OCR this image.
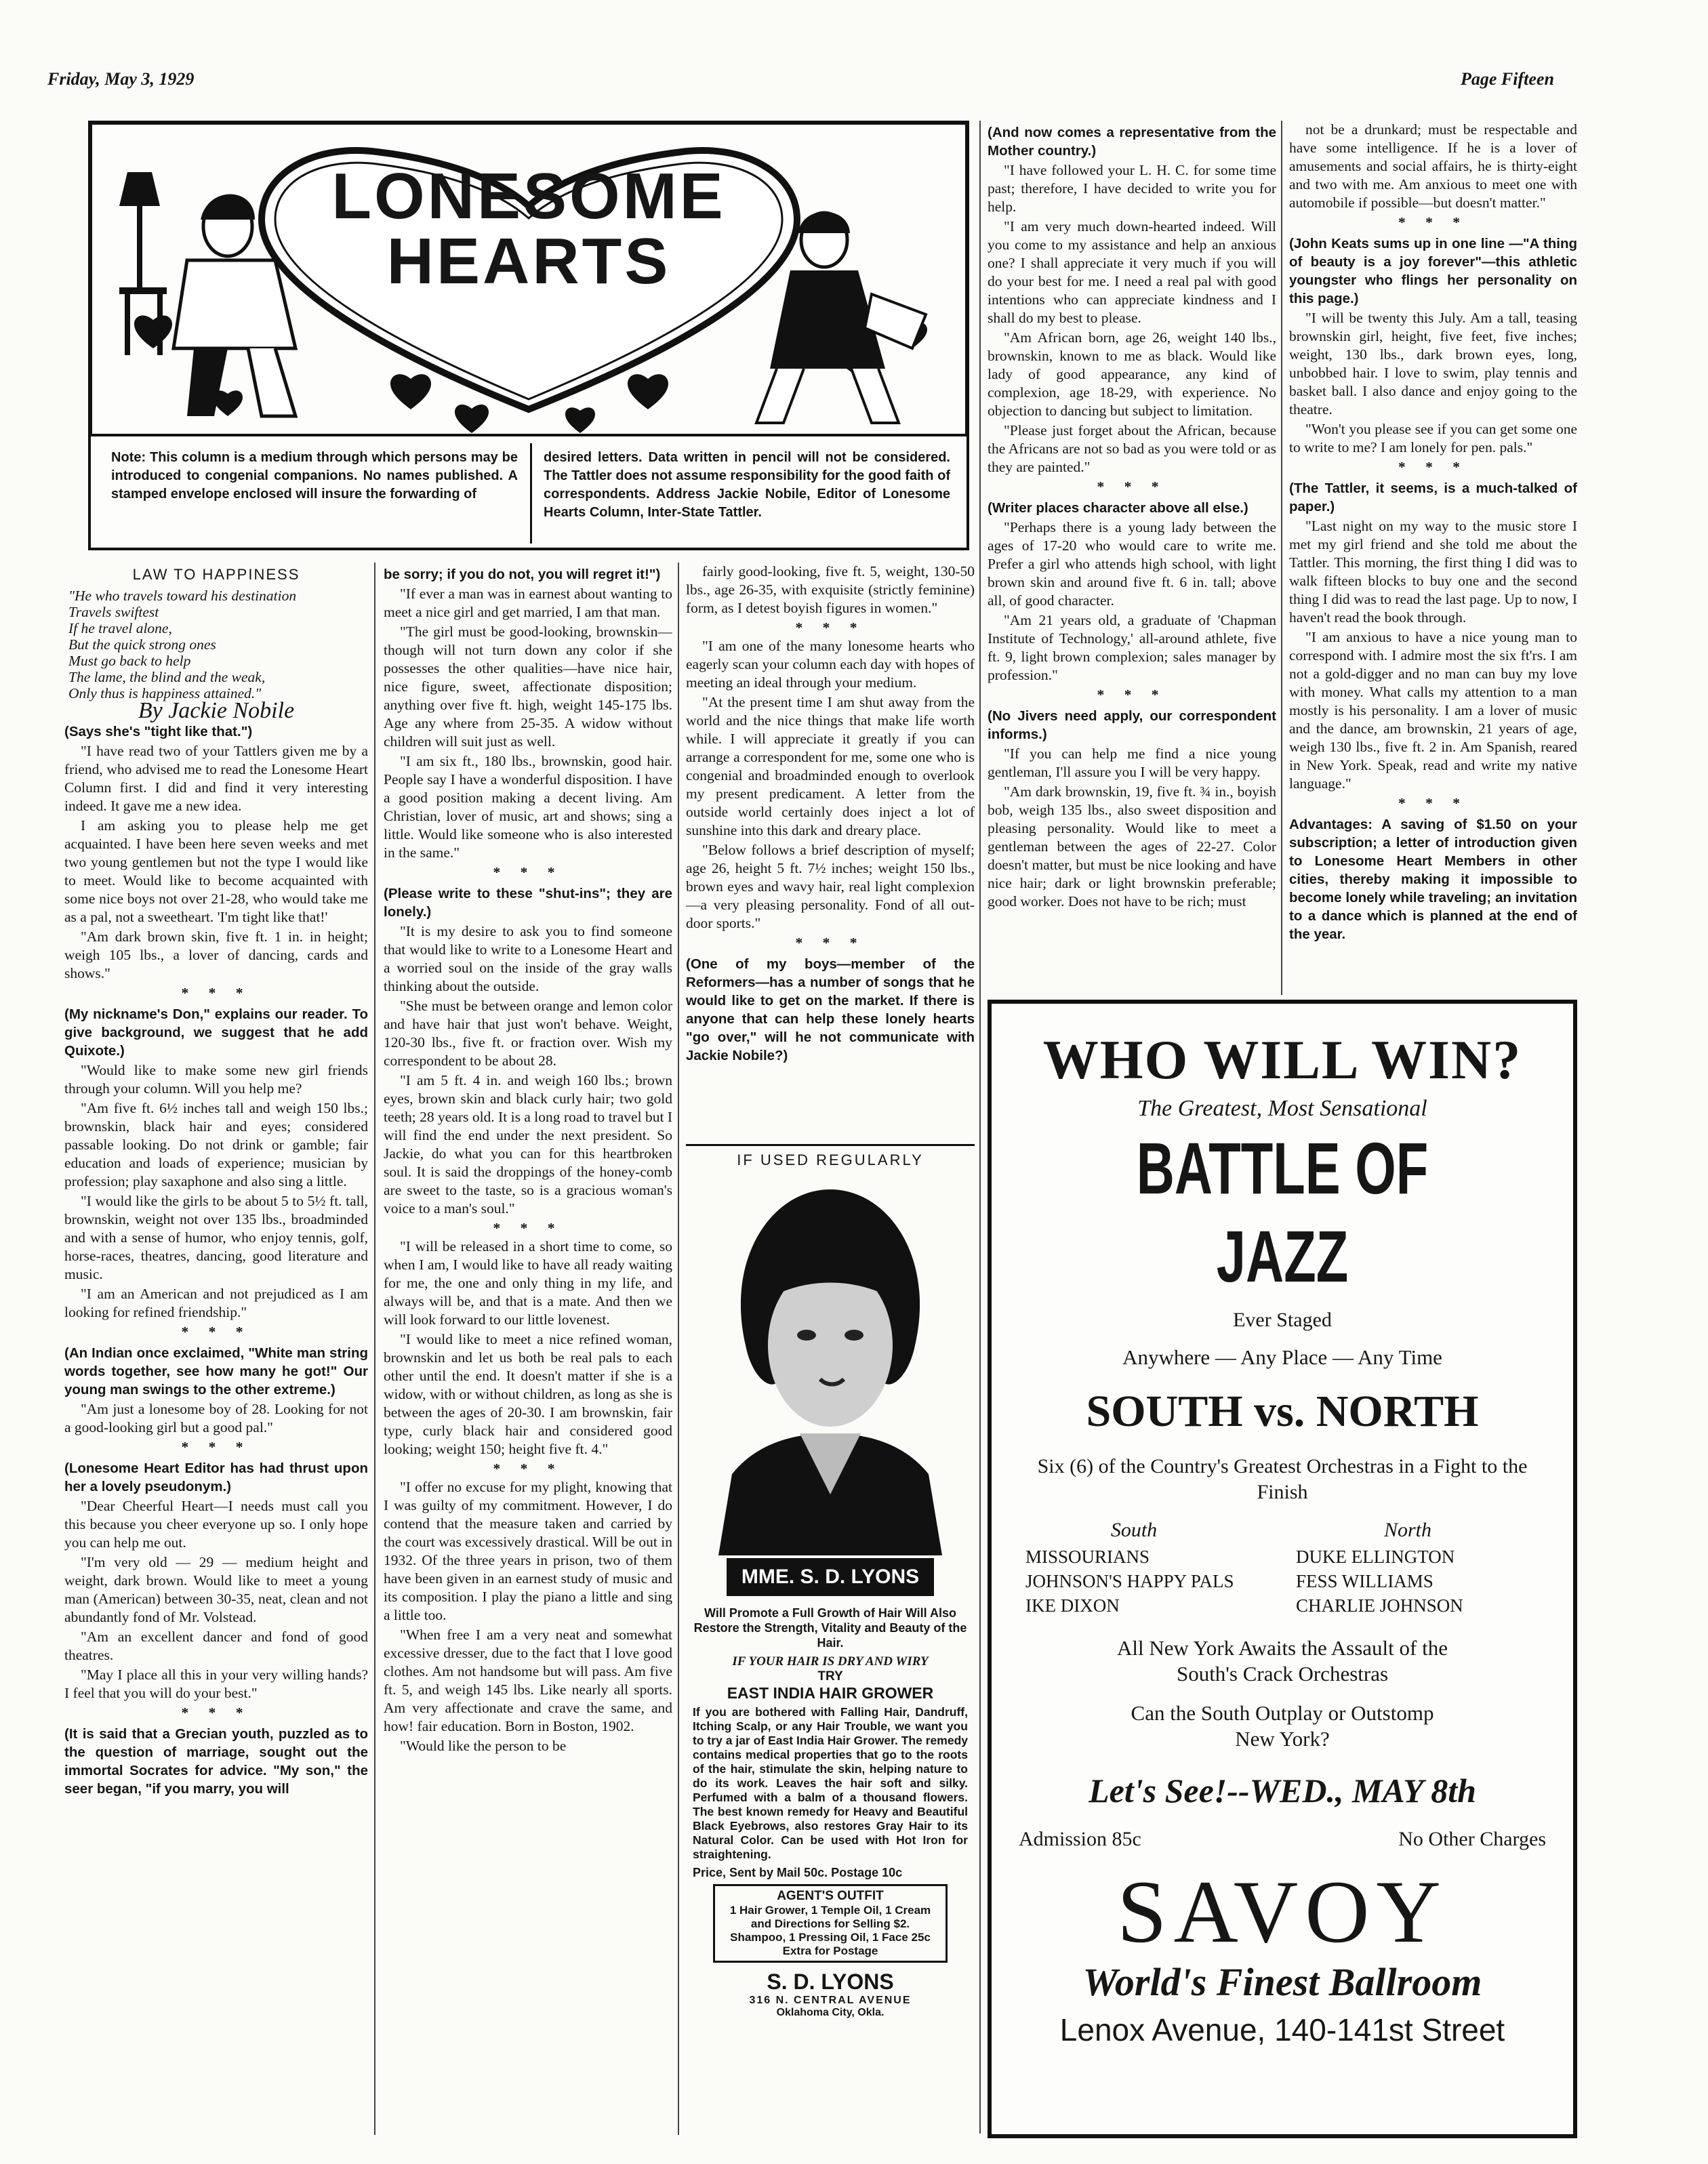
Friday, May 3, 1929	Page Fifteen
LONESOME
HEARTS
Note: This column is a medium through which persons may be introduced to congenial companions. No names published. A stamped envelope enclosed will insure the forwarding of
desired letters. Data written in pencil will not be considered. The Tattler does not assume responsibility for the good faith of correspondents. Address Jackie Nobile, Editor of Lonesome Hearts Column, Inter-State Tattler.
LAW TO HAPPINESS

"He who travels toward his destination

Travels swiftest

If he travel alone,

But the quick strong ones

Must go back to help

The lame, the blind and the weak,

Only thus is happiness attained."

By Jackie Nobile

(Says she's "tight like that.")

"I have read two of your Tattlers given me by a friend, who advised me to read the Lonesome Heart Column first. I did and find it very interesting indeed. It gave me a new idea.

I am asking you to please help me get acquainted. I have been here seven weeks and met two young gentlemen but not the type I would like to meet. Would like to become acquainted with some nice boys not over 21-28, who would take me as a pal, not a sweetheart. 'I'm tight like that!'

"Am dark brown skin, five ft. 1 in. in height; weigh 105 lbs., a lover of dancing, cards and shows."

* * *

(My nickname's Don," explains our reader. To give background, we suggest that he add Quixote.)

"Would like to make some new girl friends through your column. Will you help me?

"Am five ft. 6½ inches tall and weigh 150 lbs.; brownskin, black hair and eyes; considered passable looking. Do not drink or gamble; fair education and loads of experience; musician by profession; play saxaphone and also sing a little.

"I would like the girls to be about 5 to 5½ ft. tall, brownskin, weight not over 135 lbs., broadminded and with a sense of humor, who enjoy tennis, golf, horse-races, theatres, dancing, good literature and music.

"I am an American and not prejudiced as I am looking for refined friendship."

* * *

(An Indian once exclaimed, "White man string words together, see how many he got!" Our young man swings to the other extreme.)

"Am just a lonesome boy of 28. Looking for not a good-looking girl but a good pal."

* * *

(Lonesome Heart Editor has had thrust upon her a lovely pseudonym.)

"Dear Cheerful Heart—I needs must call you this because you cheer everyone up so. I only hope you can help me out.

"I'm very old — 29 — medium height and weight, dark brown. Would like to meet a young man (American) between 30-35, neat, clean and not abundantly fond of Mr. Volstead.

"Am an excellent dancer and fond of good theatres.

"May I place all this in your very willing hands? I feel that you will do your best."

* * *

(It is said that a Grecian youth, puzzled as to the question of marriage, sought out the immortal Socrates for advice. "My son," the seer began, "if you marry, you will

be sorry; if you do not, you will regret it!")

"If ever a man was in earnest about wanting to meet a nice girl and get married, I am that man.

"The girl must be good-looking, brownskin—though will not turn down any color if she possesses the other qualities—have nice hair, nice figure, sweet, affectionate disposition; anything over five ft. high, weight 145-175 lbs. Age any where from 25-35. A widow without children will suit just as well.

"I am six ft., 180 lbs., brownskin, good hair. People say I have a wonderful disposition. I have a good position making a decent living. Am Christian, lover of music, art and shows; sing a little. Would like someone who is also interested in the same."

* * *

(Please write to these "shut-ins"; they are lonely.)

"It is my desire to ask you to find someone that would like to write to a Lonesome Heart and a worried soul on the inside of the gray walls thinking about the outside.

"She must be between orange and lemon color and have hair that just won't behave. Weight, 120-30 lbs., five ft. or fraction over. Wish my correspondent to be about 28.

"I am 5 ft. 4 in. and weigh 160 lbs.; brown eyes, brown skin and black curly hair; two gold teeth; 28 years old. It is a long road to travel but I will find the end under the next president. So Jackie, do what you can for this heartbroken soul. It is said the droppings of the honey-comb are sweet to the taste, so is a gracious woman's voice to a man's soul."

* * *

"I will be released in a short time to come, so when I am, I would like to have all ready waiting for me, the one and only thing in my life, and always will be, and that is a mate. And then we will look forward to our little lovenest.

"I would like to meet a nice refined woman, brownskin and let us both be real pals to each other until the end. It doesn't matter if she is a widow, with or without children, as long as she is between the ages of 20-30. I am brownskin, fair type, curly black hair and considered good looking; weight 150; height five ft. 4."

* * *

"I offer no excuse for my plight, knowing that I was guilty of my commitment. However, I do contend that the measure taken and carried by the court was excessively drastical. Will be out in 1932. Of the three years in prison, two of them have been given in an earnest study of music and its composition. I play the piano a little and sing a little too.

"When free I am a very neat and somewhat excessive dresser, due to the fact that I love good clothes. Am not handsome but will pass. Am five ft. 5, and weigh 145 lbs. Like nearly all sports. Am very affectionate and crave the same, and how! fair education. Born in Boston, 1902.

"Would like the person to be

fairly good-looking, five ft. 5, weight, 130-50 lbs., age 26-35, with exquisite (strictly feminine) form, as I detest boyish figures in women."

* * *

"I am one of the many lonesome hearts who eagerly scan your column each day with hopes of meeting an ideal through your medium.

"At the present time I am shut away from the world and the nice things that make life worth while. I will appreciate it greatly if you can arrange a correspondent for me, some one who is congenial and broadminded enough to overlook my present predicament. A letter from the outside world certainly does inject a lot of sunshine into this dark and dreary place.

"Below follows a brief description of myself; age 26, height 5 ft. 7½ inches; weight 150 lbs., brown eyes and wavy hair, real light complexion—a very pleasing personality. Fond of all out-door sports."

* * *

(One of my boys—member of the Reformers—has a number of songs that he would like to get on the market. If there is anyone that can help these lonely hearts "go over," will he not communicate with Jackie Nobile?)

IF USED REGULARLY
MME. S. D. LYONS
Will Promote a Full Growth of Hair Will Also Restore the Strength, Vitality and Beauty of the Hair.
IF YOUR HAIR IS DRY AND WIRY
TRY
EAST INDIA HAIR GROWER
If you are bothered with Falling Hair, Dandruff, Itching Scalp, or any Hair Trouble, we want you to try a jar of East India Hair Grower. The remedy contains medical properties that go to the roots of the hair, stimulate the skin, helping nature to do its work. Leaves the hair soft and silky. Perfumed with a balm of a thousand flowers. The best known remedy for Heavy and Beautiful Black Eyebrows, also restores Gray Hair to its Natural Color. Can be used with Hot Iron for straightening.
Price, Sent by Mail 50c. Postage 10c
AGENT'S OUTFIT
1 Hair Grower, 1 Temple Oil, 1 Cream and Directions for Selling $2. Shampoo, 1 Pressing Oil, 1 Face 25c Extra for Postage
S. D. LYONS
316 N. CENTRAL AVENUE
Oklahoma City, Okla.

(And now comes a representative from the Mother country.)

"I have followed your L. H. C. for some time past; therefore, I have decided to write you for help.

"I am very much down-hearted indeed. Will you come to my assistance and help an anxious one? I shall appreciate it very much if you will do your best for me. I need a real pal with good intentions who can appreciate kindness and I shall do my best to please.

"Am African born, age 26, weight 140 lbs., brownskin, known to me as black. Would like lady of good appearance, any kind of complexion, age 18-29, with experience. No objection to dancing but subject to limitation.

"Please just forget about the African, because the Africans are not so bad as you were told or as they are painted."

* * *

(Writer places character above all else.)

"Perhaps there is a young lady between the ages of 17-20 who would care to write me. Prefer a girl who attends high school, with light brown skin and around five ft. 6 in. tall; above all, of good character.

"Am 21 years old, a graduate of 'Chapman Institute of Technology,' all-around athlete, five ft. 9, light brown complexion; sales manager by profession."

* * *

(No Jivers need apply, our correspondent informs.)

"If you can help me find a nice young gentleman, I'll assure you I will be very happy.

"Am dark brownskin, 19, five ft. ¾ in., boyish bob, weigh 135 lbs., also sweet disposition and pleasing personality. Would like to meet a gentleman between the ages of 22-27. Color doesn't matter, but must be nice looking and have nice hair; dark or light brownskin preferable; good worker. Does not have to be rich; must

not be a drunkard; must be respectable and have some intelligence. If he is a lover of amusements and social affairs, he is thirty-eight and two with me. Am anxious to meet one with automobile if possible—but doesn't matter."

* * *

(John Keats sums up in one line —"A thing of beauty is a joy forever"—this athletic youngster who flings her personality on this page.)

"I will be twenty this July. Am a tall, teasing brownskin girl, height, five feet, five inches; weight, 130 lbs., dark brown eyes, long, unbobbed hair. I love to swim, play tennis and basket ball. I also dance and enjoy going to the theatre.

"Won't you please see if you can get some one to write to me? I am lonely for pen. pals."

* * *

(The Tattler, it seems, is a much-talked of paper.)

"Last night on my way to the music store I met my girl friend and she told me about the Tattler. This morning, the first thing I did was to walk fifteen blocks to buy one and the second thing I did was to read the last page. Up to now, I haven't read the book through.

"I am anxious to have a nice young man to correspond with. I admire most the six ft'rs. I am not a gold-digger and no man can buy my love with money. What calls my attention to a man mostly is his personality. I am a lover of music and the dance, am brownskin, 21 years of age, weigh 130 lbs., five ft. 2 in. Am Spanish, reared in New York. Speak, read and write my native language."

* * *

Advantages: A saving of $1.50 on your subscription; a letter of introduction given to Lonesome Heart Members in other cities, thereby making it impossible to become lonely while traveling; an invitation to a dance which is planned at the end of the year.

WHO WILL WIN?
The Greatest, Most Sensational
BATTLE OF JAZZ
Ever Staged
Anywhere — Any Place — Any Time
SOUTH vs. NORTH
Six (6) of the Country's Greatest Orchestras in a Fight to the Finish
South
MISSOURIANS
JOHNSON'S HAPPY PALS
IKE DIXON
North
DUKE ELLINGTON
FESS WILLIAMS
CHARLIE JOHNSON
All New York Awaits the Assault of the South's Crack Orchestras
Can the South Outplay or Outstomp New York?
Let's See!--WED., MAY 8th
Admission 85c	No Other Charges
SAVOY
World's Finest Ballroom
Lenox Avenue, 140-141st Street
